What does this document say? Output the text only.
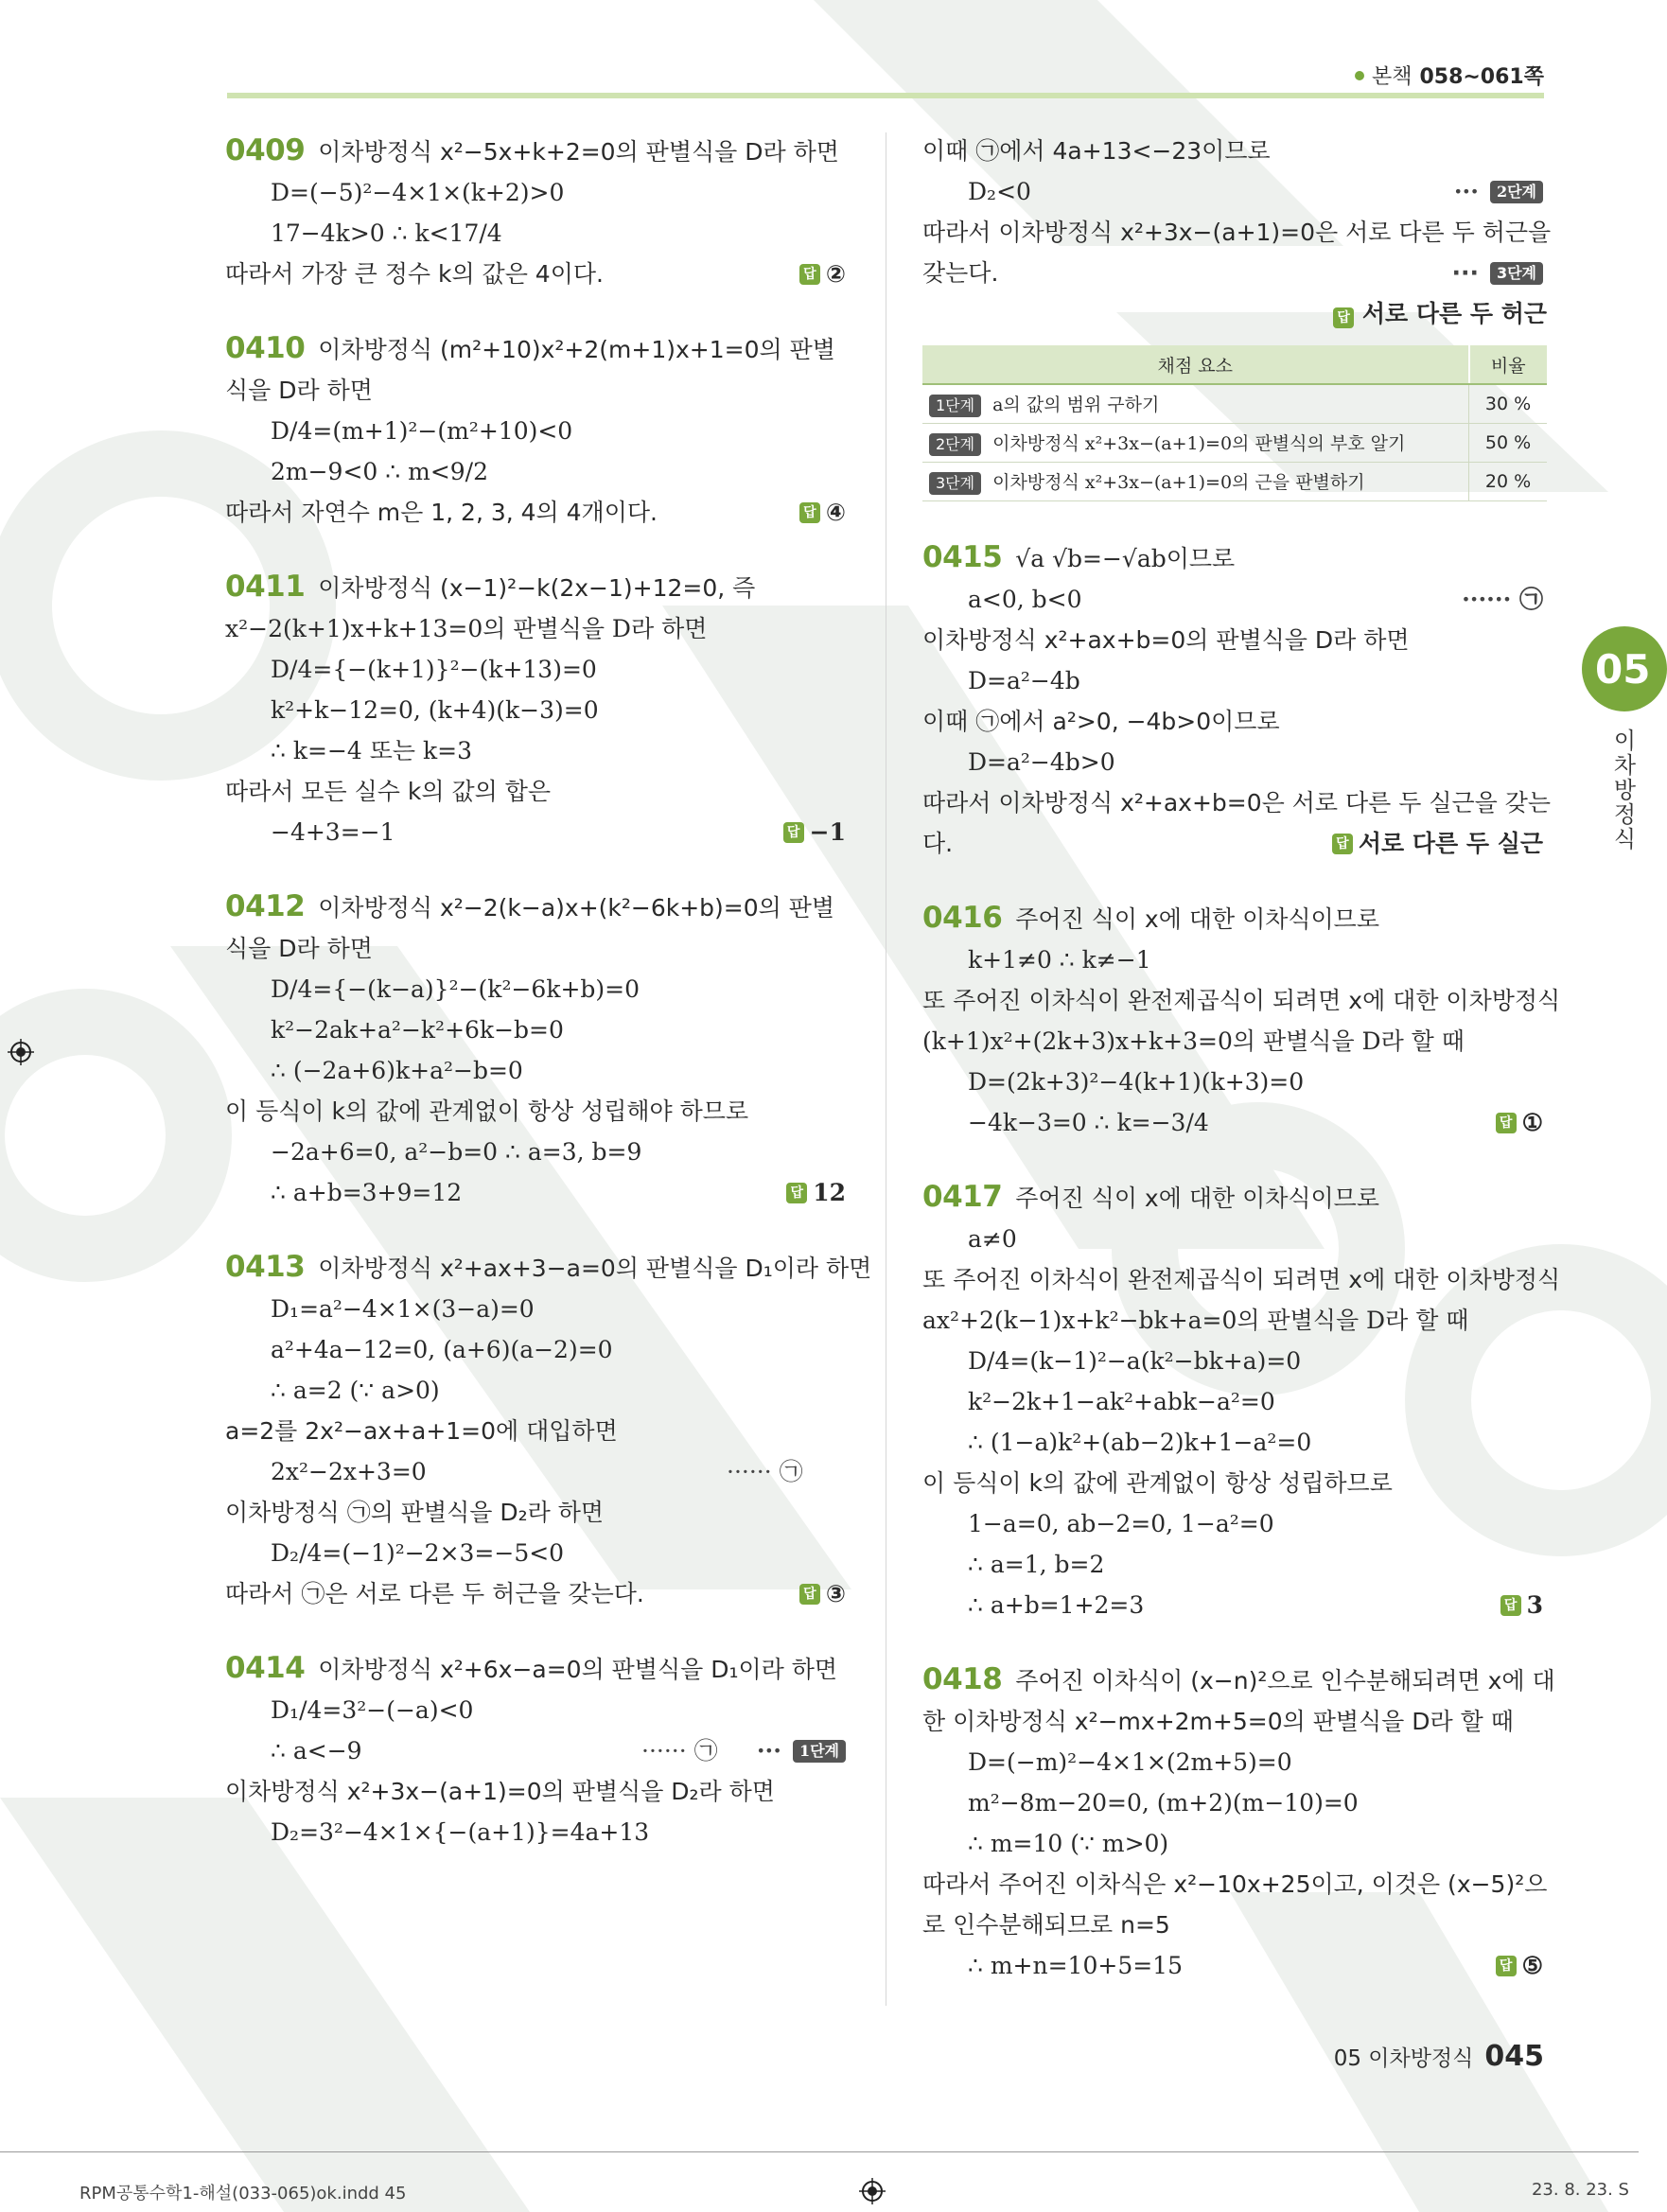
본책 058~061쪽
0409 이차방정식 x²−5x+k+2=0의 판별식을 D라 하면
D=(−5)²−4×1×(k+2)>0
17−4k>0 ∴ k<17/4
따라서 가장 큰 정수 k의 값은 4이다.	답 ②
0410 이차방정식 (m²+10)x²+2(m+1)x+1=0의 판별
식을 D라 하면
D/4=(m+1)²−(m²+10)<0
2m−9<0 ∴ m<9/2
따라서 자연수 m은 1, 2, 3, 4의 4개이다.	답 ④
0411 이차방정식 (x−1)²−k(2x−1)+12=0, 즉
x²−2(k+1)x+k+13=0의 판별식을 D라 하면
D/4={−(k+1)}²−(k+13)=0
k²+k−12=0, (k+4)(k−3)=0
∴ k=−4 또는 k=3
따라서 모든 실수 k의 값의 합은
−4+3=−1	답 −1
0412 이차방정식 x²−2(k−a)x+(k²−6k+b)=0의 판별
식을 D라 하면
D/4={−(k−a)}²−(k²−6k+b)=0
k²−2ak+a²−k²+6k−b=0
∴ (−2a+6)k+a²−b=0
이 등식이 k의 값에 관계없이 항상 성립해야 하므로
−2a+6=0, a²−b=0 ∴ a=3, b=9
∴ a+b=3+9=12	답 12
0413 이차방정식 x²+ax+3−a=0의 판별식을 D₁이라 하면
D₁=a²−4×1×(3−a)=0
a²+4a−12=0, (a+6)(a−2)=0
∴ a=2 (∵ a>0)
a=2를 2x²−ax+a+1=0에 대입하면
2x²−2x+3=0	······ ㉠
이차방정식 ㉠의 판별식을 D₂라 하면
D₂/4=(−1)²−2×3=−5<0
따라서 ㉠은 서로 다른 두 허근을 갖는다.	답 ③
0414 이차방정식 x²+6x−a=0의 판별식을 D₁이라 하면
D₁/4=3²−(−a)<0
∴ a<−9	······ ㉠ ···	1단계
이차방정식 x²+3x−(a+1)=0의 판별식을 D₂라 하면
D₂=3²−4×1×{−(a+1)}=4a+13
이때 ㉠에서 4a+13<−23이므로
D₂<0	···	2단계
따라서 이차방정식 x²+3x−(a+1)=0은 서로 다른 두 허근을
갖는다.	···	3단계
답 서로 다른 두 허근
채점 요소	비율
1단계 a의 값의 범위 구하기	30 %
2단계 이차방정식 x²+3x−(a+1)=0의 판별식의 부호 알기	50 %
3단계 이차방정식 x²+3x−(a+1)=0의 근을 판별하기	20 %
0415 √a √b=−√ab이므로
a<0, b<0	······ ㉠
이차방정식 x²+ax+b=0의 판별식을 D라 하면
D=a²−4b
이때 ㉠에서 a²>0, −4b>0이므로
D=a²−4b>0
따라서 이차방정식 x²+ax+b=0은 서로 다른 두 실근을 갖는
다.	답 서로 다른 두 실근
0416 주어진 식이 x에 대한 이차식이므로
k+1≠0 ∴ k≠−1
또 주어진 이차식이 완전제곱식이 되려면 x에 대한 이차방정식
(k+1)x²+(2k+3)x+k+3=0의 판별식을 D라 할 때
D=(2k+3)²−4(k+1)(k+3)=0
−4k−3=0 ∴ k=−3/4	답 ①
0417 주어진 식이 x에 대한 이차식이므로
a≠0
또 주어진 이차식이 완전제곱식이 되려면 x에 대한 이차방정식
ax²+2(k−1)x+k²−bk+a=0의 판별식을 D라 할 때
D/4=(k−1)²−a(k²−bk+a)=0
k²−2k+1−ak²+abk−a²=0
∴ (1−a)k²+(ab−2)k+1−a²=0
이 등식이 k의 값에 관계없이 항상 성립하므로
1−a=0, ab−2=0, 1−a²=0
∴ a=1, b=2
∴ a+b=1+2=3	답 3
0418 주어진 이차식이 (x−n)²으로 인수분해되려면 x에 대
한 이차방정식 x²−mx+2m+5=0의 판별식을 D라 할 때
D=(−m)²−4×1×(2m+5)=0
m²−8m−20=0, (m+2)(m−10)=0
∴ m=10 (∵ m>0)
따라서 주어진 이차식은 x²−10x+25이고, 이것은 (x−5)²으
로 인수분해되므로 n=5
∴ m+n=10+5=15	답 ⑤
05
이차방정식
05 이차방정식 045
RPM공통수학1-해설(033-065)ok.indd 45	23. 8. 23. S
